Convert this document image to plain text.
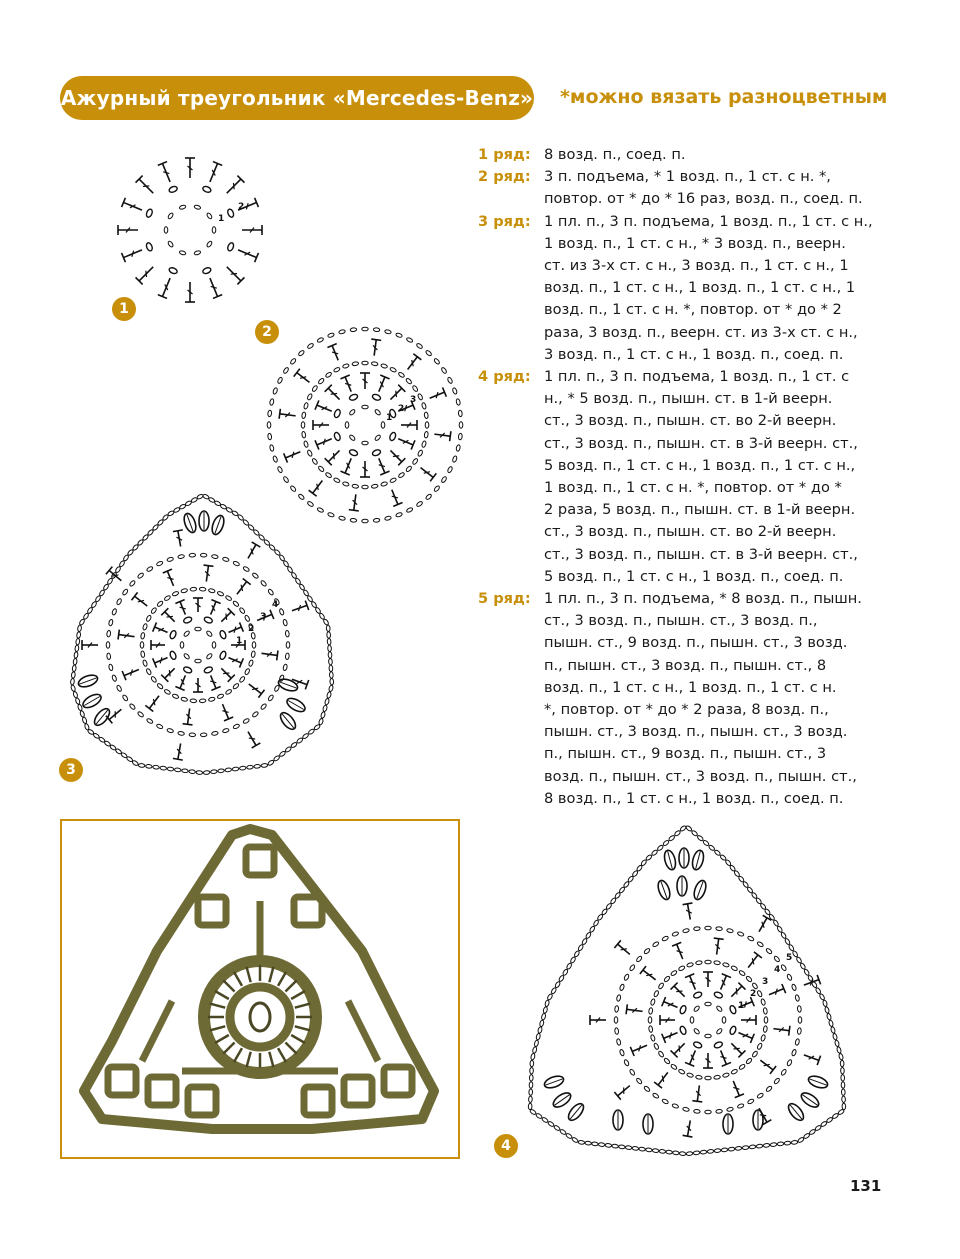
Ажурный треугольник «Mercedes-Benz» *можно вязать разноцветным
1 ряд: 8 возд. п., соед. п.
2 ряд: 3 п. подъема, * 1 возд. п., 1 ст. с н. *,
повтор. от * до * 16 раз, возд. п., соед. п.
3 ряд: 1 пл. п., 3 п. подъема, 1 возд. п., 1 ст. с н.,
1 возд. п., 1 ст. с н., * 3 возд. п., веерн.
ст. из 3-х ст. с н., 3 возд. п., 1 ст. с н., 1
возд. п., 1 ст. с н., 1 возд. п., 1 ст. с н., 1
возд. п., 1 ст. с н. *, повтор. от * до * 2
раза, 3 возд. п., веерн. ст. из 3-х ст. с н.,
3 возд. п., 1 ст. с н., 1 возд. п., соед. п.
4 ряд: 1 пл. п., 3 п. подъема, 1 возд. п., 1 ст. с
н., * 5 возд. п., пышн. ст. в 1-й веерн.
ст., 3 возд. п., пышн. ст. во 2-й веерн.
ст., 3 возд. п., пышн. ст. в 3-й веерн. ст.,
5 возд. п., 1 ст. с н., 1 возд. п., 1 ст. с н.,
1 возд. п., 1 ст. с н. *, повтор. от * до *
2 раза, 5 возд. п., пышн. ст. в 1-й веерн.
ст., 3 возд. п., пышн. ст. во 2-й веерн.
ст., 3 возд. п., пышн. ст. в 3-й веерн. ст.,
5 возд. п., 1 ст. с н., 1 возд. п., соед. п.
5 ряд: 1 пл. п., 3 п. подъема, * 8 возд. п., пышн.
ст., 3 возд. п., пышн. ст., 3 возд. п.,
пышн. ст., 9 возд. п., пышн. ст., 3 возд.
п., пышн. ст., 3 возд. п., пышн. ст., 8
возд. п., 1 ст. с н., 1 возд. п., 1 ст. с н.
*, повтор. от * до * 2 раза, 8 возд. п.,
пышн. ст., 3 возд. п., пышн. ст., 3 возд.
п., пышн. ст., 9 возд. п., пышн. ст., 3
возд. п., пышн. ст., 3 возд. п., пышн. ст.,
8 возд. п., 1 ст. с н., 1 возд. п., соед. п.
1
2
1
1
2
3
2
1
2
3
4
3
1
2
3
4
5
4
131
